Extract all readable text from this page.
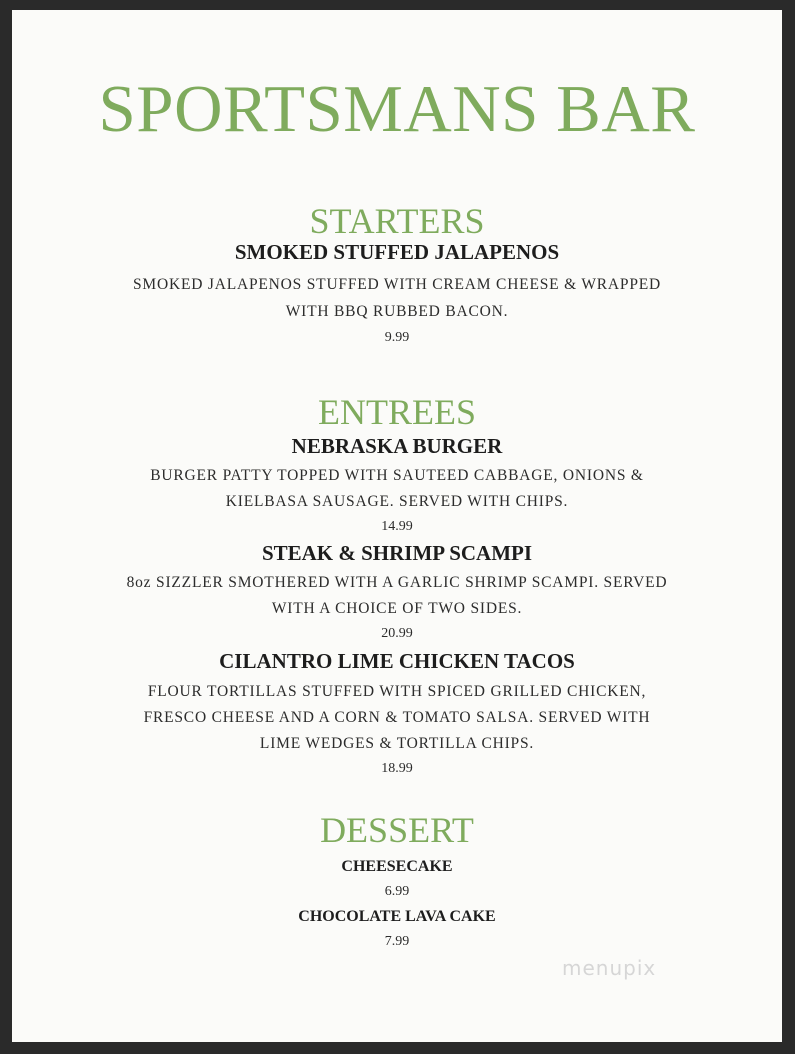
SPORTSMANS BAR
STARTERS
SMOKED STUFFED JALAPENOS
SMOKED JALAPENOS STUFFED WITH CREAM CHEESE & WRAPPED
WITH BBQ RUBBED BACON.
9.99
ENTREES
NEBRASKA BURGER
BURGER PATTY TOPPED WITH SAUTEED CABBAGE, ONIONS &
KIELBASA SAUSAGE. SERVED WITH CHIPS.
14.99
STEAK & SHRIMP SCAMPI
8oz SIZZLER SMOTHERED WITH A GARLIC SHRIMP SCAMPI. SERVED
WITH A CHOICE OF TWO SIDES.
20.99
CILANTRO LIME CHICKEN TACOS
FLOUR TORTILLAS STUFFED WITH SPICED GRILLED CHICKEN,
FRESCO CHEESE AND A CORN & TOMATO SALSA. SERVED WITH
LIME WEDGES & TORTILLA CHIPS.
18.99
DESSERT
CHEESECAKE
6.99
CHOCOLATE LAVA CAKE
7.99
menupix
